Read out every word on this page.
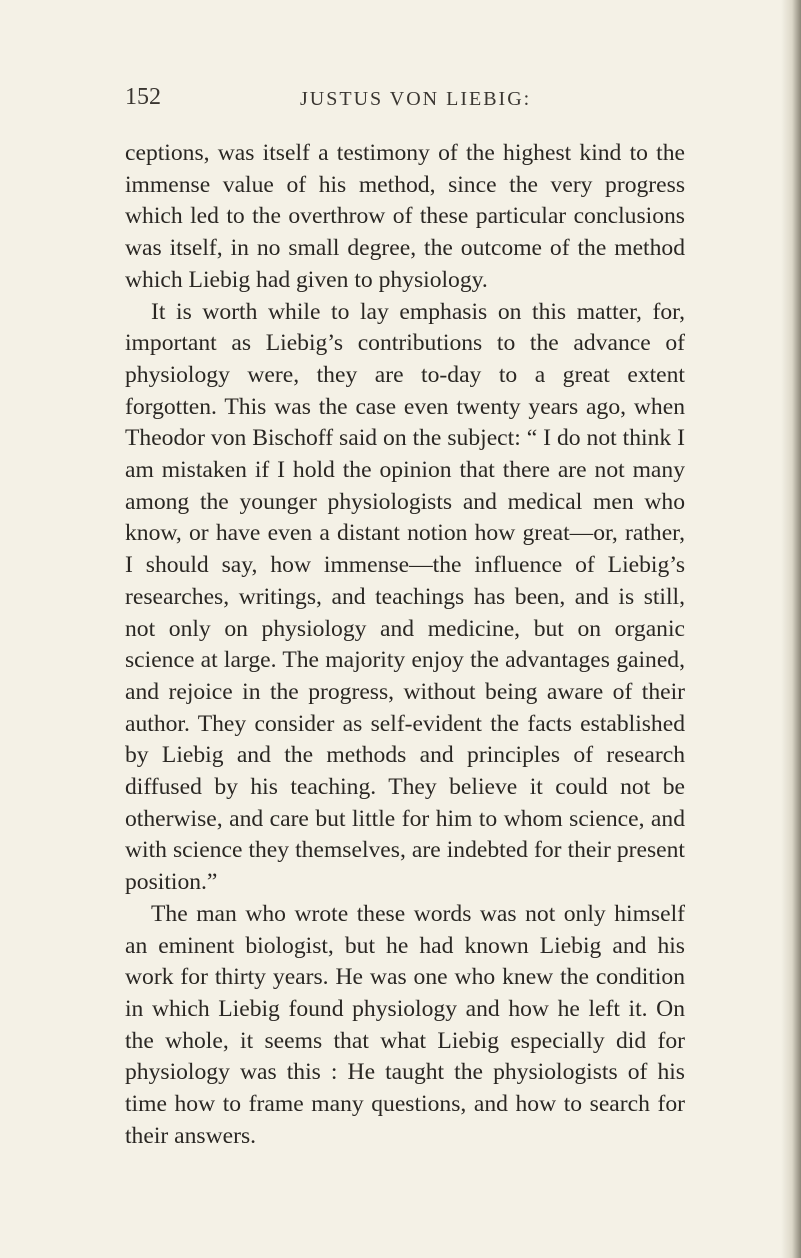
152	JUSTUS VON LIEBIG:

ceptions, was itself a testimony of the highest kind to the immense value of his method, since the very progress which led to the overthrow of these particular conclusions was itself, in no small degree, the outcome of the method which Liebig had given to physiology.

It is worth while to lay emphasis on this matter, for, important as Liebig’s contributions to the advance of physiology were, they are to-day to a great extent forgotten. This was the case even twenty years ago, when Theodor von Bischoff said on the subject: “ I do not think I am mistaken if I hold the opinion that there are not many among the younger physiologists and medical men who know, or have even a distant notion how great—or, rather, I should say, how immense—the influence of Liebig’s researches, writings, and teachings has been, and is still, not only on physiology and medicine, but on organic science at large. The majority enjoy the advantages gained, and rejoice in the progress, without being aware of their author. They consider as self-evident the facts established by Liebig and the methods and principles of research diffused by his teaching. They believe it could not be otherwise, and care but little for him to whom science, and with science they themselves, are indebted for their present position.”

The man who wrote these words was not only himself an eminent biologist, but he had known Liebig and his work for thirty years. He was one who knew the condition in which Liebig found physiology and how he left it. On the whole, it seems that what Liebig especially did for physiology was this : He taught the physiologists of his time how to frame many questions, and how to search for their answers.
